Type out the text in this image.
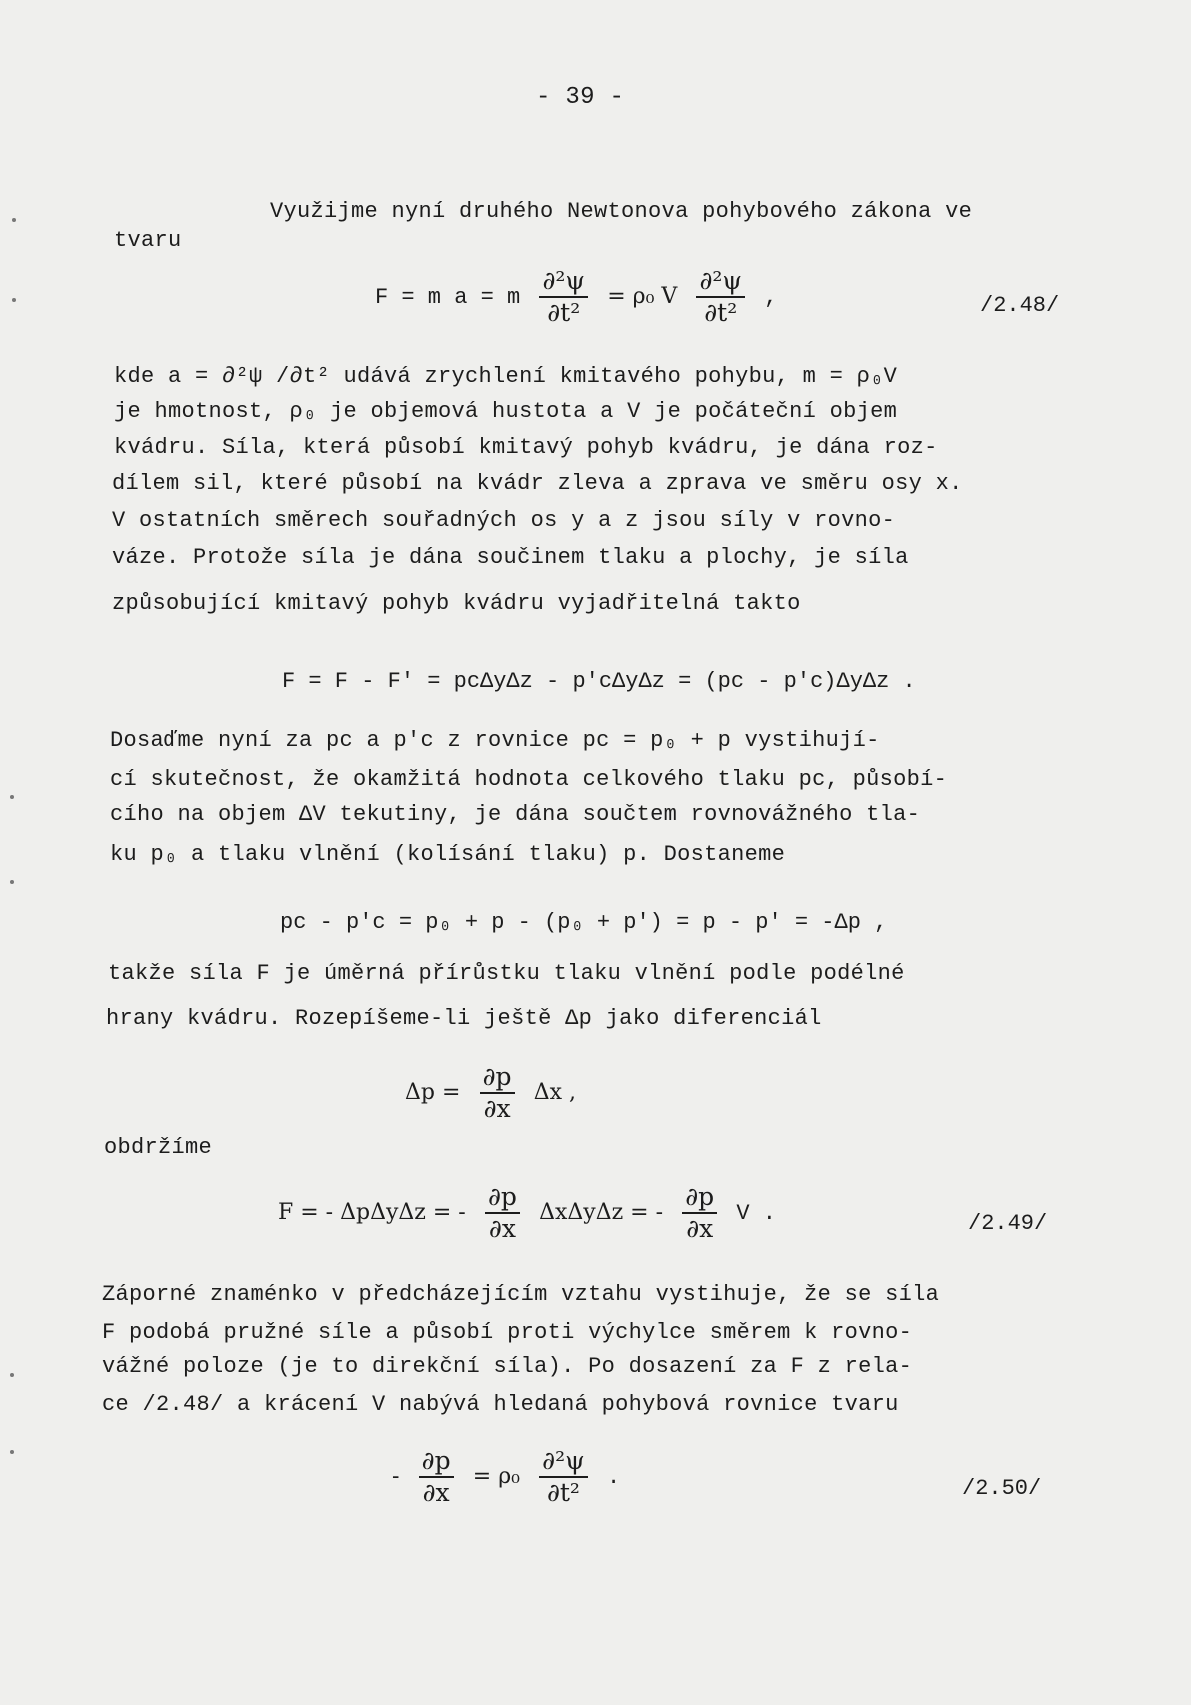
- 39 -
Využijme nyní druhého Newtonova pohybového zákona ve
tvaru
F = m a = m $\frac{\text{∂²ψ}}{\text{∂t²}} = \rho_0$ V $\frac{\text{∂²ψ}}{\text{∂t²}}$ ,	/2.48/
kde a = ∂²ψ /∂t² udává zrychlení kmitavého pohybu, m = ρ₀V
je hmotnost, ρ₀ je objemová hustota a V je počáteční objem
kvádru. Síla, která působí kmitavý pohyb kvádru, je dána roz-
dílem sil, které působí na kvádr zleva a zprava ve směru osy x.
V ostatních směrech souřadných os y a z jsou síly v rovno-
váze. Protože síla je dána součinem tlaku a plochy, je síla
způsobující kmitavý pohyb kvádru vyjadřitelná takto
F = F - F' = pcΔyΔz - p'cΔyΔz = (pc - p'c)ΔyΔz .
Dosaďme nyní za pc a p'c z rovnice pc = p₀ + p vystihují-
cí skutečnost, že okamžitá hodnota celkového tlaku pc, působí-
cího na objem ΔV tekutiny, je dána součtem rovnovážného tla-
ku p₀ a tlaku vlnění (kolísání tlaku) p. Dostaneme
pc - p'c = p₀ + p - (p₀ + p') = p - p' = -Δp ,
takže síla F je úměrná přírůstku tlaku vlnění podle podélné
hrany kvádru. Rozepíšeme-li ještě Δp jako diferenciál
$\Delta p = \frac{\partial p}{\partial x}$ Δx ,
obdržíme
F = - ΔpΔyΔz = - $\frac{\partial p}{\partial x}$ ΔxΔyΔz = - $\frac{\partial p}{\partial x}$ V .	/2.49/
Záporné znaménko v předcházejícím vztahu vystihuje, že se síla
F podobá pružné síle a působí proti výchylce směrem k rovno-
vážné poloze (je to direkční síla). Po dosazení za F z rela-
ce /2.48/ a krácení V nabývá hledaná pohybová rovnice tvaru
- $\frac{\partial p}{\partial x} = \rho_0 \frac{\text{∂²ψ}}{\text{∂t²}}$ .	/2.50/
